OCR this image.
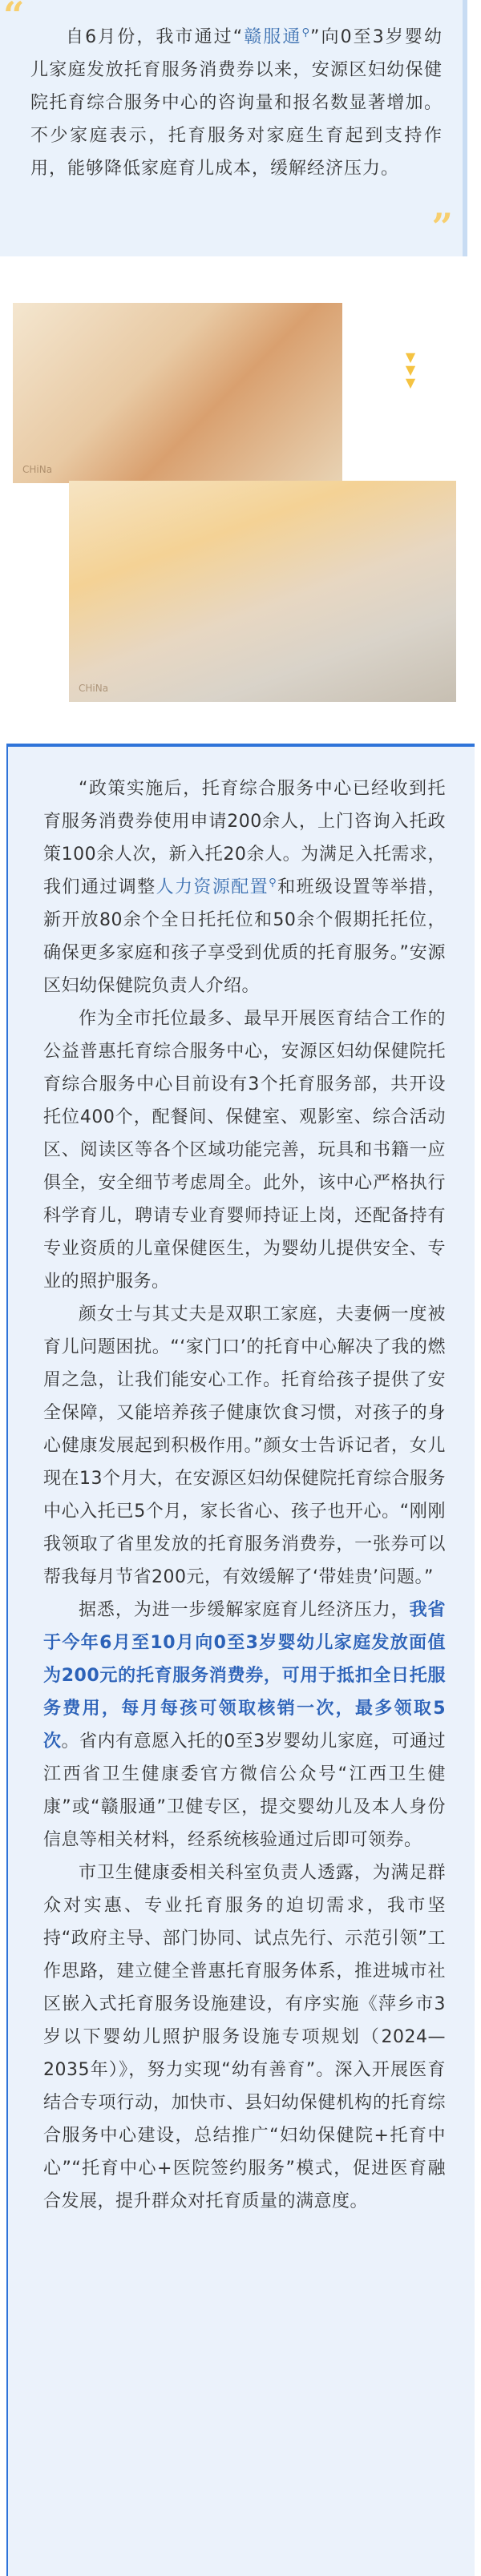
“

自6月份，我市通过“赣服通⚲”向0至3岁婴幼儿家庭发放托育服务消费券以来，安源区妇幼保健院托育综合服务中心的咨询量和报名数显著增加。不少家庭表示，托育服务对家庭生育起到支持作用，能够降低家庭育儿成本，缓解经济压力。

”
CHiNa
▼
▼
▼
CHiNa

“政策实施后，托育综合服务中心已经收到托育服务消费券使用申请200余人，上门咨询入托政策100余人次，新入托20余人。为满足入托需求，我们通过调整人力资源配置⚲和班级设置等举措，新开放80余个全日托托位和50余个假期托托位，确保更多家庭和孩子享受到优质的托育服务。”安源区妇幼保健院负责人介绍。

作为全市托位最多、最早开展医育结合工作的公益普惠托育综合服务中心，安源区妇幼保健院托育综合服务中心目前设有3个托育服务部，共开设托位400个，配餐间、保健室、观影室、综合活动区、阅读区等各个区域功能完善，玩具和书籍一应俱全，安全细节考虑周全。此外，该中心严格执行科学育儿，聘请专业育婴师持证上岗，还配备持有专业资质的儿童保健医生，为婴幼儿提供安全、专业的照护服务。

颜女士与其丈夫是双职工家庭，夫妻俩一度被育儿问题困扰。“‘家门口’的托育中心解决了我的燃眉之急，让我们能安心工作。托育给孩子提供了安全保障，又能培养孩子健康饮食习惯，对孩子的身心健康发展起到积极作用。”颜女士告诉记者，女儿现在13个月大，在安源区妇幼保健院托育综合服务中心入托已5个月，家长省心、孩子也开心。“刚刚我领取了省里发放的托育服务消费券，一张券可以帮我每月节省200元，有效缓解了‘带娃贵’问题。”

据悉，为进一步缓解家庭育儿经济压力，我省于今年6月至10月向0至3岁婴幼儿家庭发放面值为200元的托育服务消费券，可用于抵扣全日托服务费用，每月每孩可领取核销一次，最多领取5次。省内有意愿入托的0至3岁婴幼儿家庭，可通过江西省卫生健康委官方微信公众号“江西卫生健康”或“赣服通”卫健专区，提交婴幼儿及本人身份信息等相关材料，经系统核验通过后即可领券。

市卫生健康委相关科室负责人透露，为满足群众对实惠、专业托育服务的迫切需求，我市坚持“政府主导、部门协同、试点先行、示范引领”工作思路，建立健全普惠托育服务体系，推进城市社区嵌入式托育服务设施建设，有序实施《萍乡市3岁以下婴幼儿照护服务设施专项规划（2024—2035年）》，努力实现“幼有善育”。深入开展医育结合专项行动，加快市、县妇幼保健机构的托育综合服务中心建设，总结推广“妇幼保健院+托育中心”“托育中心+医院签约服务”模式，促进医育融合发展，提升群众对托育质量的满意度。
